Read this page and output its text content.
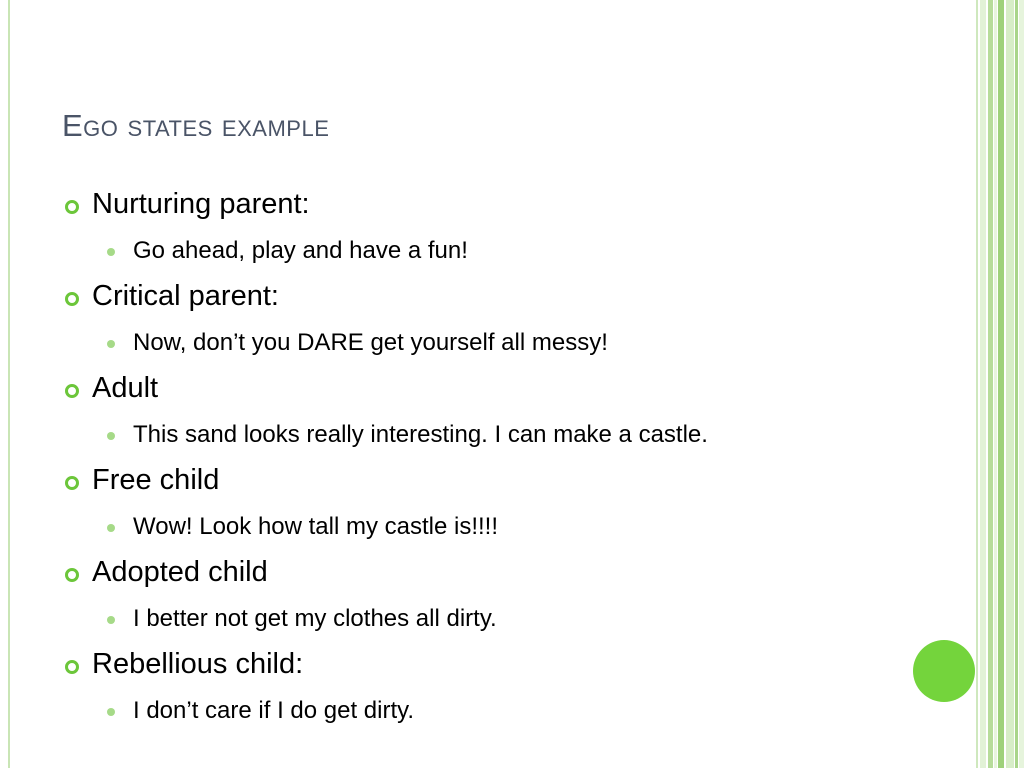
Ego states example
Nurturing parent:
Go ahead, play and have a fun!
Critical parent:
Now, don’t you DARE get yourself all messy!
Adult
This sand looks really interesting. I can make a castle.
Free child
Wow! Look how tall my castle is!!!!
Adopted child
I better not get my clothes all dirty.
Rebellious child:
I don’t care if I do get dirty.
